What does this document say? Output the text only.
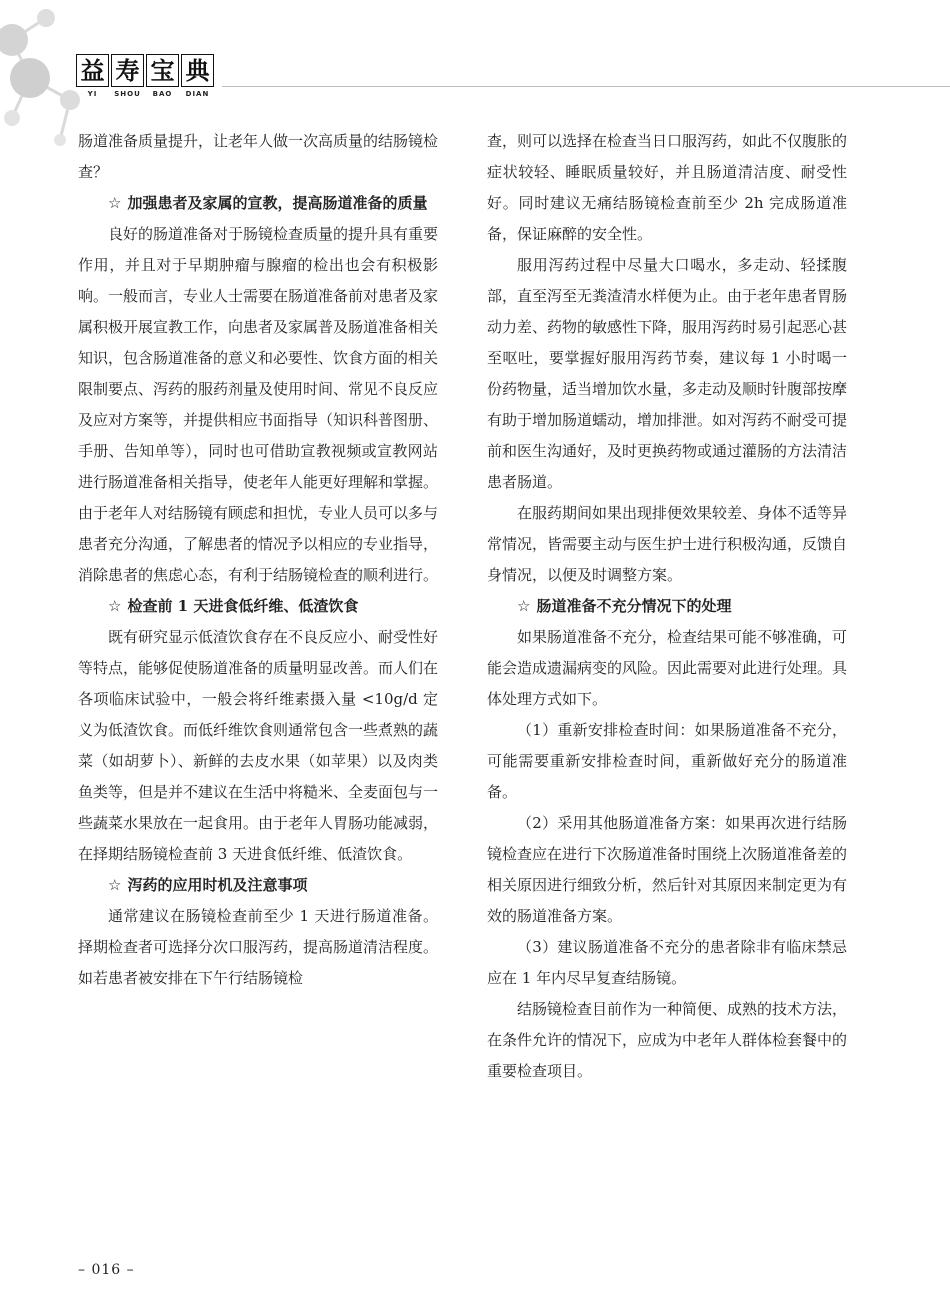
益 寿 宝 典
YI	SHOU	BAO	DIAN

肠道准备质量提升，让老年人做一次高质量的结肠镜检查？

☆ 加强患者及家属的宣教，提高肠道准备的质量

良好的肠道准备对于肠镜检查质量的提升具有重要作用，并且对于早期肿瘤与腺瘤的检出也会有积极影响。一般而言，专业人士需要在肠道准备前对患者及家属积极开展宣教工作，向患者及家属普及肠道准备相关知识，包含肠道准备的意义和必要性、饮食方面的相关限制要点、泻药的服药剂量及使用时间、常见不良反应及应对方案等，并提供相应书面指导（知识科普图册、手册、告知单等），同时也可借助宣教视频或宣教网站进行肠道准备相关指导，使老年人能更好理解和掌握。由于老年人对结肠镜有顾虑和担忧，专业人员可以多与患者充分沟通，了解患者的情况予以相应的专业指导，消除患者的焦虑心态，有利于结肠镜检查的顺利进行。

☆ 检查前 1 天进食低纤维、低渣饮食

既有研究显示低渣饮食存在不良反应小、耐受性好等特点，能够促使肠道准备的质量明显改善。而人们在各项临床试验中，一般会将纤维素摄入量 <10g/d 定义为低渣饮食。而低纤维饮食则通常包含一些煮熟的蔬菜（如胡萝卜）、新鲜的去皮水果（如苹果）以及肉类鱼类等，但是并不建议在生活中将糙米、全麦面包与一些蔬菜水果放在一起食用。由于老年人胃肠功能减弱，在择期结肠镜检查前 3 天进食低纤维、低渣饮食。

☆ 泻药的应用时机及注意事项

通常建议在肠镜检查前至少 1 天进行肠道准备。择期检查者可选择分次口服泻药，提高肠道清洁程度。如若患者被安排在下午行结肠镜检

查，则可以选择在检查当日口服泻药，如此不仅腹胀的症状较轻、睡眠质量较好，并且肠道清洁度、耐受性好。同时建议无痛结肠镜检查前至少 2h 完成肠道准备，保证麻醉的安全性。

服用泻药过程中尽量大口喝水，多走动、轻揉腹部，直至泻至无粪渣清水样便为止。由于老年患者胃肠动力差、药物的敏感性下降，服用泻药时易引起恶心甚至呕吐，要掌握好服用泻药节奏，建议每 1 小时喝一份药物量，适当增加饮水量，多走动及顺时针腹部按摩有助于增加肠道蠕动，增加排泄。如对泻药不耐受可提前和医生沟通好，及时更换药物或通过灌肠的方法清洁患者肠道。

在服药期间如果出现排便效果较差、身体不适等异常情况，皆需要主动与医生护士进行积极沟通，反馈自身情况，以便及时调整方案。

☆ 肠道准备不充分情况下的处理

如果肠道准备不充分，检查结果可能不够准确，可能会造成遗漏病变的风险。因此需要对此进行处理。具体处理方式如下。

（1）重新安排检查时间：如果肠道准备不充分，可能需要重新安排检查时间，重新做好充分的肠道准备。

（2）采用其他肠道准备方案：如果再次进行结肠镜检查应在进行下次肠道准备时围绕上次肠道准备差的相关原因进行细致分析，然后针对其原因来制定更为有效的肠道准备方案。

（3）建议肠道准备不充分的患者除非有临床禁忌应在 1 年内尽早复查结肠镜。

结肠镜检查目前作为一种简便、成熟的技术方法，在条件允许的情况下，应成为中老年人群体检套餐中的重要检查项目。

– 016 –
